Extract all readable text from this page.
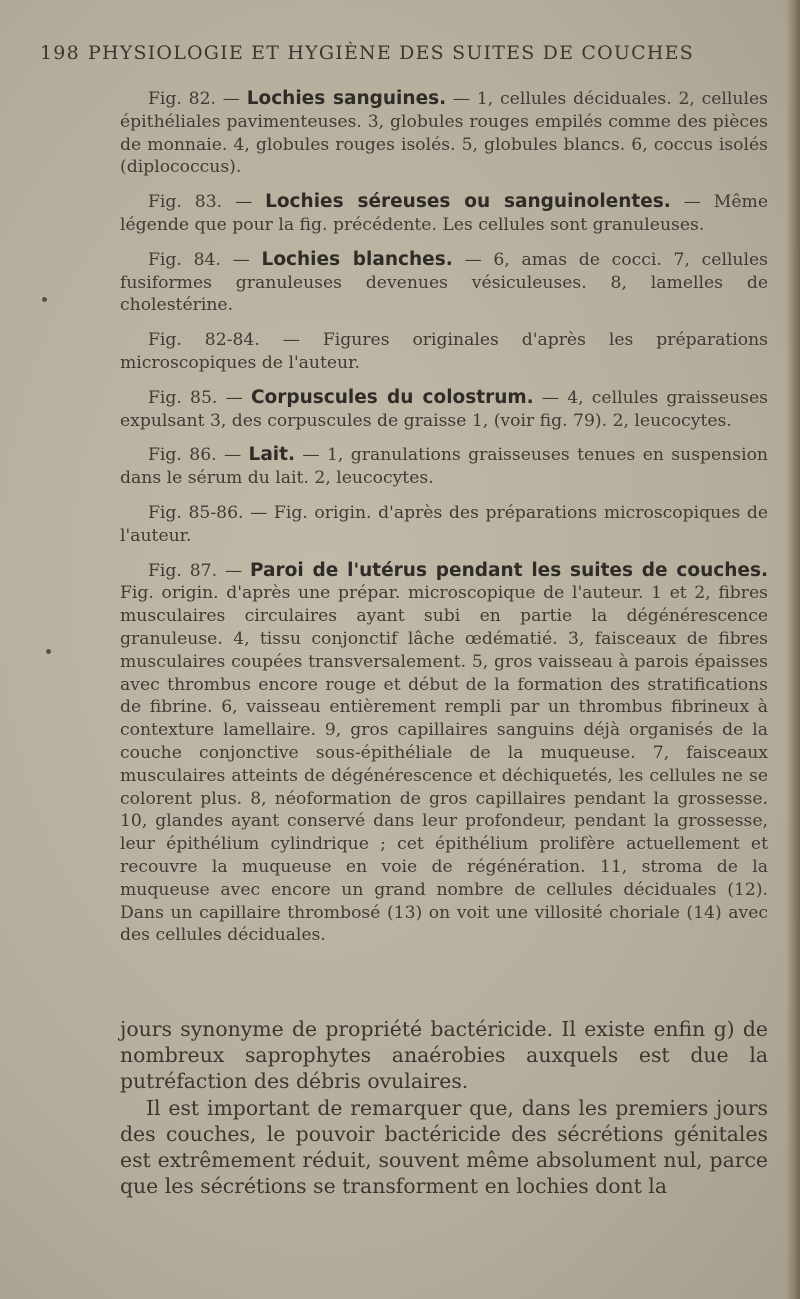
198 PHYSIOLOGIE ET HYGIÈNE DES SUITES DE COUCHES

Fig. 82. — Lochies sanguines. — 1, cellules déciduales. 2, cellules épithéliales pavimenteuses. 3, globules rouges empilés comme des pièces de monnaie. 4, globules rouges isolés. 5, globules blancs. 6, coccus isolés (diplococcus).

Fig. 83. — Lochies séreuses ou sanguinolentes. — Même légende que pour la fig. précédente. Les cellules sont granuleuses.

Fig. 84. — Lochies blanches. — 6, amas de cocci. 7, cellules fusiformes granuleuses devenues vésiculeuses. 8, lamelles de cholestérine.

Fig. 82-84. — Figures originales d'après les préparations microscopiques de l'auteur.

Fig. 85. — Corpuscules du colostrum. — 4, cellules graisseuses expulsant 3, des corpuscules de graisse 1, (voir fig. 79). 2, leucocytes.

Fig. 86. — Lait. — 1, granulations graisseuses tenues en suspension dans le sérum du lait. 2, leucocytes.

Fig. 85-86. — Fig. origin. d'après des préparations microscopiques de l'auteur.

Fig. 87. — Paroi de l'utérus pendant les suites de couches. Fig. origin. d'après une prépar. microscopique de l'auteur. 1 et 2, fibres musculaires circulaires ayant subi en partie la dégénérescence granuleuse. 4, tissu conjonctif lâche œdématié. 3, faisceaux de fibres musculaires coupées transversalement. 5, gros vaisseau à parois épaisses avec thrombus encore rouge et début de la formation des stratifications de fibrine. 6, vaisseau entièrement rempli par un thrombus fibrineux à contexture lamellaire. 9, gros capillaires sanguins déjà organisés de la couche conjonctive sous-épithéliale de la muqueuse. 7, faisceaux musculaires atteints de dégénérescence et déchiquetés, les cellules ne se colorent plus. 8, néoformation de gros capillaires pendant la grossesse. 10, glandes ayant conservé dans leur profondeur, pendant la grossesse, leur épithélium cylindrique ; cet épithélium prolifère actuellement et recouvre la muqueuse en voie de régénération. 11, stroma de la muqueuse avec encore un grand nombre de cellules déciduales (12). Dans un capillaire thrombosé (13) on voit une villosité choriale (14) avec des cellules déciduales.

jours synonyme de propriété bactéricide. Il existe enfin g) de nombreux saprophytes anaérobies auxquels est due la putréfaction des débris ovulaires.

Il est important de remarquer que, dans les premiers jours des couches, le pouvoir bactéricide des sécrétions génitales est extrêmement réduit, souvent même absolument nul, parce que les sécrétions se transforment en lochies dont la
